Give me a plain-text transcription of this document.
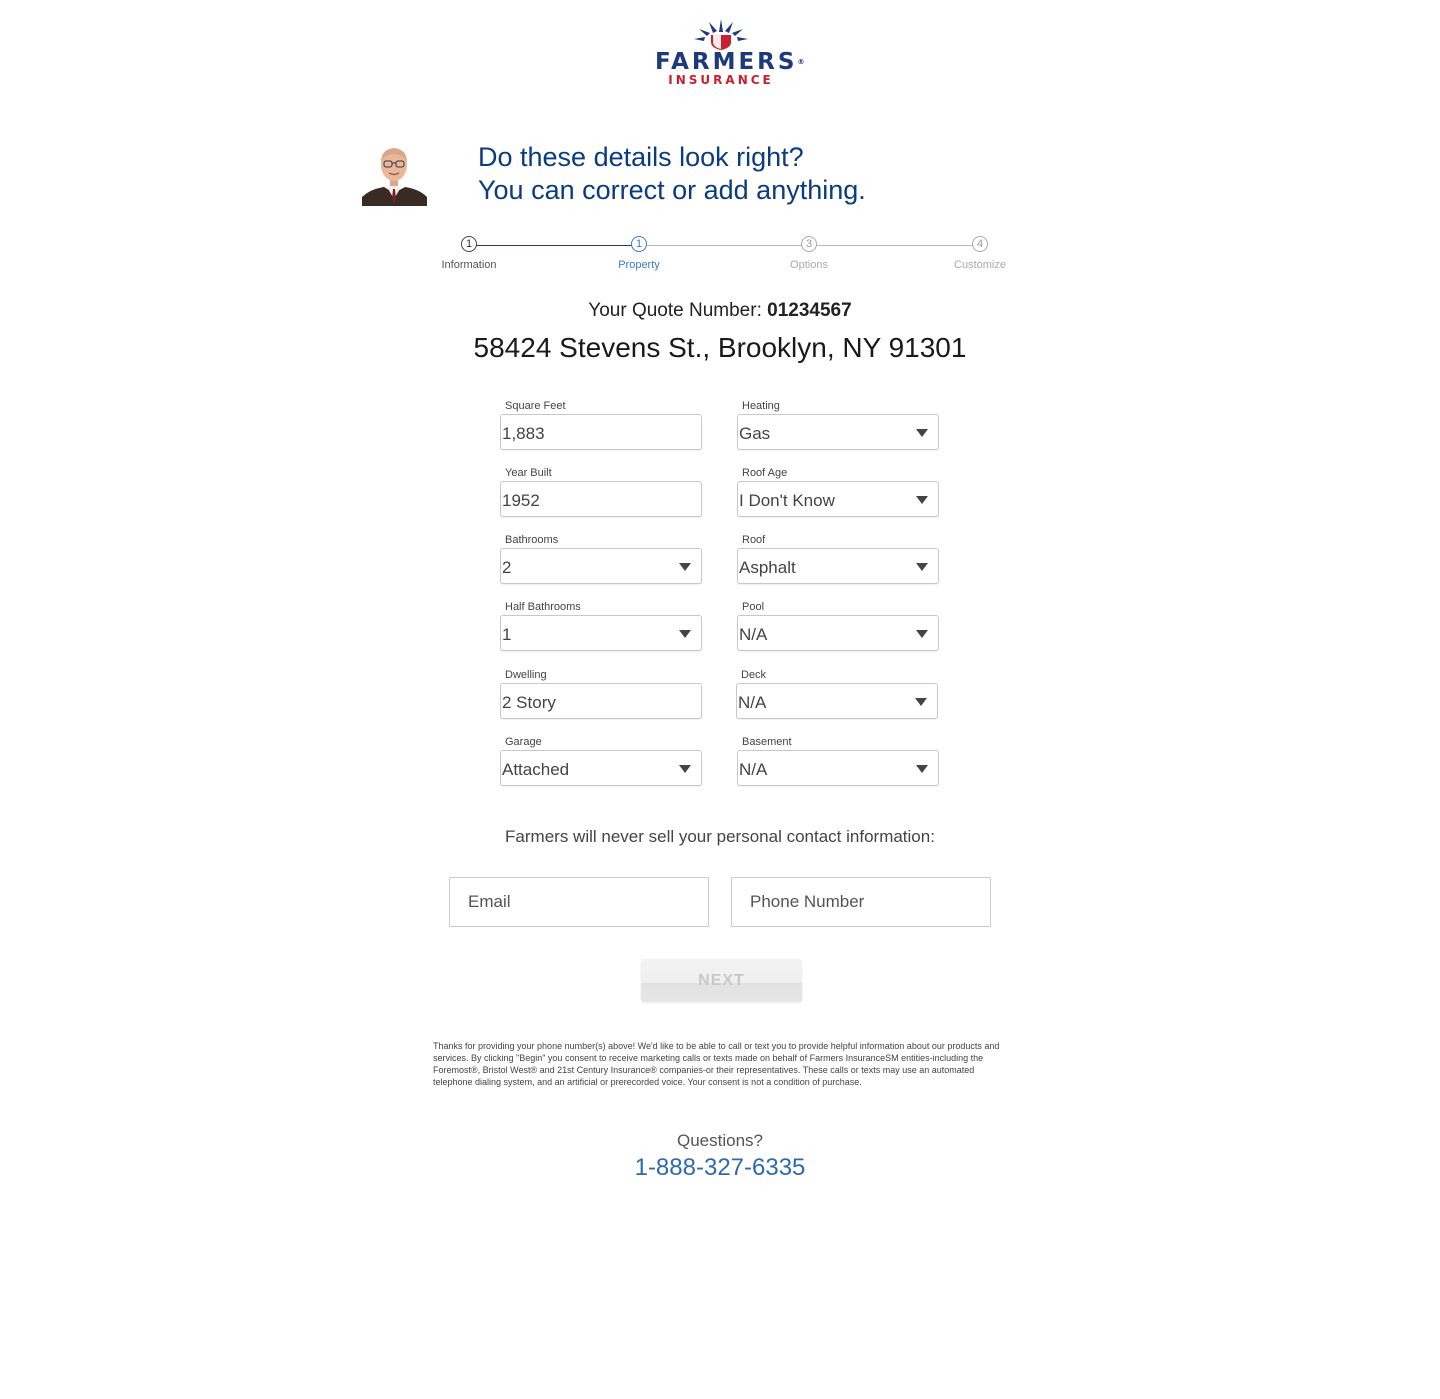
FARMERS®
INSURANCE
Do these details look right?
You can correct or add anything.
1
Information
1
Property
3
Options
4
Customize
Your Quote Number: 01234567
58424 Stevens St., Brooklyn, NY 91301
Square Feet
1,883
Year Built
1952
Bathrooms
2
Half Bathrooms
1
Dwelling
2 Story
Garage
Attached
Heating
Gas
Roof Age
I Don't Know
Roof
Asphalt
Pool
N/A
Deck
N/A
Basement
N/A
Farmers will never sell your personal contact information:
Email
Phone Number
NEXT
Thanks for providing your phone number(s) above! We'd like to be able to call or text you to provide helpful information about our products and services. By clicking "Begin" you consent to receive marketing calls or texts made on behalf of Farmers InsuranceSM entities-including the Foremost®, Bristol West® and 21st Century Insurance® companies-or their representatives. These calls or texts may use an automated telephone dialing system, and an artificial or prerecorded voice. Your consent is not a condition of purchase.
Questions?
1-888-327-6335
